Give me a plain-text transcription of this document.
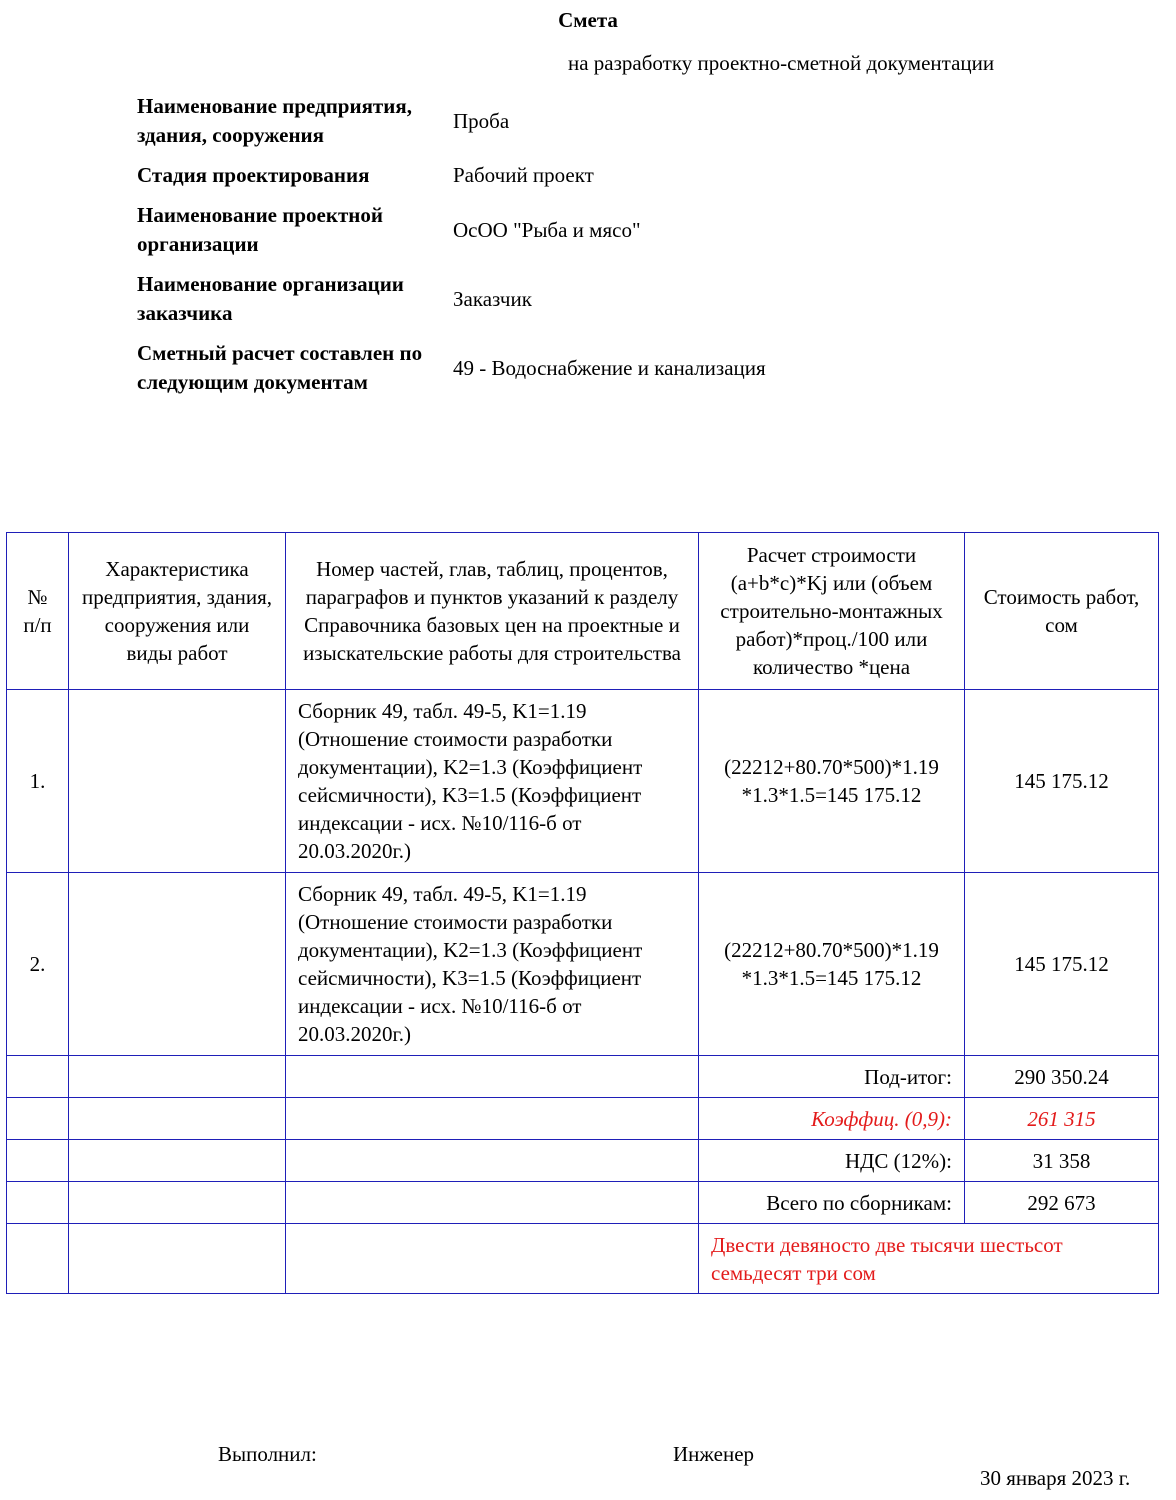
Смета
на разработку проектно-сметной документации
Наименование предприятия, здания, сооружения	Проба
Стадия проектирования	Рабочий проект
Наименование проектной организации	ОсОО "Рыба и мясо"
Наименование организации заказчика	Заказчик
Сметный расчет составлен по следующим документам	49 - Водоснабжение и канализация
№ п/п	Характеристика предприятия, здания, сооружения или виды работ	Номер частей, глав, таблиц, процентов, параграфов и пунктов указаний к разделу Справочника базовых цен на проектные и изыскательские работы для строительства	Расчет строимости (a+b*c)*Kj или (объем строительно-монтажных работ)*проц./100 или количество *цена	Стоимость работ, сом
1.		Сборник 49, табл. 49-5, K1=1.19 (Отношение стоимости разработки документации), K2=1.3 (Коэффициент сейсмичности), K3=1.5 (Коэффициент индексации - исх. №10/116-б от 20.03.2020г.)	(22212+80.70*500)*1.19 *1.3*1.5=145 175.12	145 175.12
2.		Сборник 49, табл. 49-5, K1=1.19 (Отношение стоимости разработки документации), K2=1.3 (Коэффициент сейсмичности), K3=1.5 (Коэффициент индексации - исх. №10/116-б от 20.03.2020г.)	(22212+80.70*500)*1.19 *1.3*1.5=145 175.12	145 175.12
			Под-итог:	290 350.24
			Коэффиц. (0,9):	261 315
			НДС (12%):	31 358
			Всего по сборникам:	292 673
			Двести девяносто две тысячи шестьсот семьдесят три сом	
Выполнил:	Инженер
30 января 2023 г.
